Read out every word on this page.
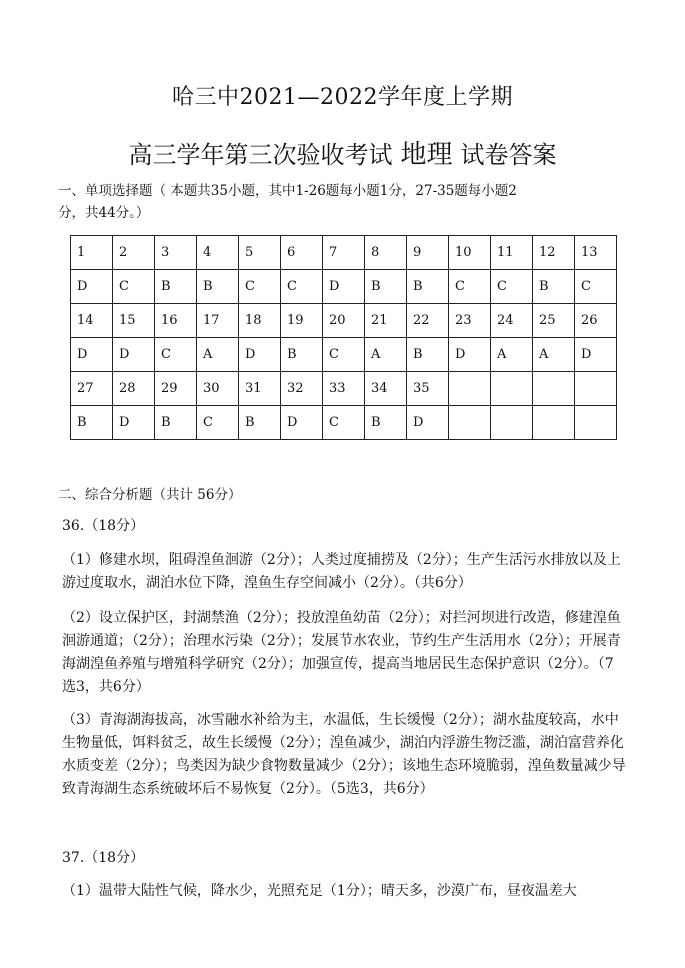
哈三中2021—2022学年度上学期
高三学年第三次验收考试 地理 试卷答案
一、单项选择题（ 本题共35小题，其中1-26题每小题1分，27-35题每小题2分，共44分。）
1	2	3	4	5	6	7	8	9	10	11	12	13
D	C	B	B	C	C	D	B	B	C	C	B	C
14	15	16	17	18	19	20	21	22	23	24	25	26
D	D	C	A	D	B	C	A	B	D	A	A	D
27	28	29	30	31	32	33	34	35				
B	D	B	C	B	D	C	B	D				
二、综合分析题（共计 56分）
36.（18分）
（1）修建水坝，阻碍湟鱼洄游（2分）；人类过度捕捞及（2分）；生产生活污水排放以及上游过度取水，湖泊水位下降，湟鱼生存空间减小（2分）。（共6分）
（2）设立保护区，封湖禁渔（2分）；投放湟鱼幼苗（2分）；对拦河坝进行改造，修建湟鱼洄游通道；（2分）；治理水污染（2分）；发展节水农业，节约生产生活用水（2分）；开展青海湖湟鱼养殖与增殖科学研究（2分）；加强宣传，提高当地居民生态保护意识（2分）。（7选3，共6分）
（3）青海湖海拔高，冰雪融水补给为主，水温低，生长缓慢（2分）；湖水盐度较高，水中生物量低，饵料贫乏，故生长缓慢（2分）；湟鱼减少，湖泊内浮游生物泛滥，湖泊富营养化水质变差（2分）；鸟类因为缺少食物数量减少（2分）；该地生态环境脆弱，湟鱼数量减少导致青海湖生态系统破坏后不易恢复（2分）。（5选3，共6分）
37.（18分）
（1）温带大陆性气候，降水少，光照充足（1分）；晴天多，沙漠广布，昼夜温差大
